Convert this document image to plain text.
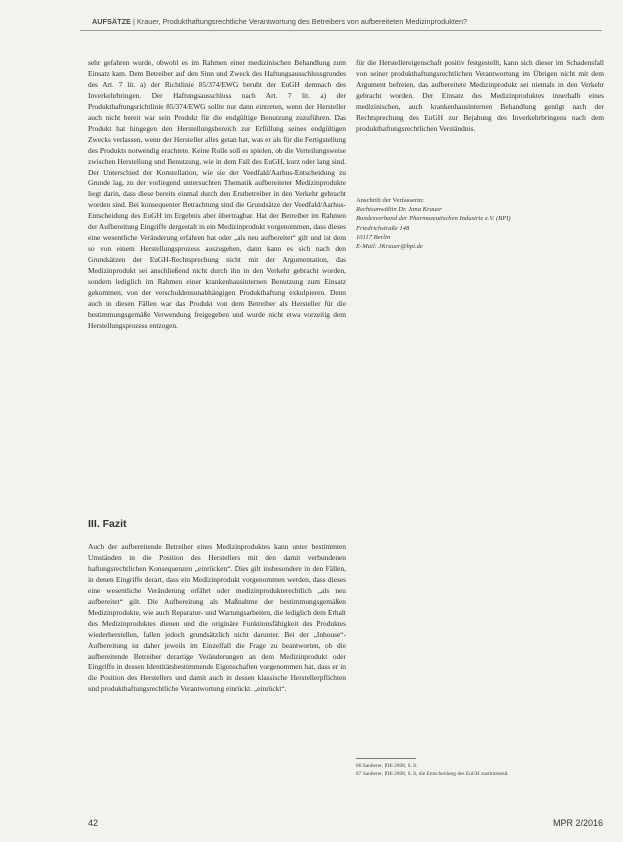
AUFSÄTZE | Krauer, Produkthaftungsrechtliche Verantwortung des Betreibers von aufbereiteten Medizinprodukten?

sehr gefahren wurde, obwohl es im Rahmen einer medizinischen Behandlung zum Einsatz kam. Dem Betreiber auf den Sinn und Zweck des Haftungsausschlussgrundes des Art. 7 lit. a) der Richtlinie 85/374/EWG beruht der EuGH demnach des Inverkehrbringen. Der Haftungsausschluss nach Art. 7 lit. a) der Produkthaftungsrichtlinie 85/374/EWG sollte nur dann eintreten, wenn der Hersteller auch nicht bereit war sein Produkt für die endgültige Benutzung zuzuführen. Das Produkt hat hingegen den Herstellungsbereich zur Erfüllung seines endgültigen Zwecks verlassen, wenn der Hersteller alles getan hat, was er als für die Fertigstellung des Produkts notwendig erachtete. Keine Rolle soll es spielen, ob die Verteilungsweise zwischen Herstellung und Benutzung, wie in dem Fall des EuGH, kurz oder lang sind. Der Unterschied der Konstellation, wie sie der Veedfald/Aarhus-Entscheidung zu Grunde lag, zu der vorliegend untersuchten Thematik aufbereiteter Medizinprodukte liegt darin, dass diese bereits einmal durch den Erstbetreiber in den Verkehr gebracht worden sind. Bei konsequenter Betrachtung sind die Grundsätze der Veedfald/Aarhus-Entscheidung des EuGH im Ergebnis aber übertragbar. Hat der Betreiber im Rahmen der Aufbereitung Eingriffe dergestalt in ein Medizinprodukt vorgenommen, dass dieses eine wesentliche Veränderung erfahren hat oder „als neu aufbereitet“ gilt und ist dem so von einem Herstellungsprozess auszugehen, dann kann es sich nach den Grundsätzen der EuGH-Rechtsprechung nicht mit der Argumentation, das Medizinprodukt sei anschließend nicht durch ihn in den Verkehr gebracht worden, sondern lediglich im Rahmen einer krankenhausinternen Benutzung zum Einsatz gekommen, von der verschuldensunabhängigen Produkthaftung exkulpieren. Denn auch in diesen Fällen war das Produkt von dem Betreiber als Hersteller für die bestimmungsgemäße Verwendung freigegeben und wurde nicht etwa vorzeitig dem Herstellungsprozess entzogen.

III. Fazit

Auch der aufbereitende Betreiber eines Medizinproduktes kann unter bestimmten Umständen in die Position des Herstellers mit den damit verbundenen haftungsrechtlichen Konsequenzen „einrücken“. Dies gilt insbesondere in den Fällen, in denen Eingriffe derart, dass ein Medizinprodukt vorgenommen werden, dass dieses eine wesentliche Veränderung erfährt oder medizinprodukterechtlich „als neu aufbereitet“ gilt. Die Aufbereitung als Maßnahme der bestimmungsgemäßen Medizinprodukte, wie auch Reparatur- und Wartungsarbeiten, die lediglich dem Erhalt des Medizinproduktes dienen und die originäre Funktionsfähigkeit des Produktes wiederherstellen, fallen jedoch grundsätzlich nicht darunter. Bei der „Inhouse“-Aufbereitung ist daher jeweils im Einzelfall die Frage zu beantworten, ob die aufbereitende Betreiber derartige Veränderungen an dem Medizinprodukt oder Eingriffe in dessen Identitätsbestimmende Eigenschaften vorgenommen hat, dass er in die Position des Herstellers und damit auch in dessen klassische Herstellerpflichten und produkthaftungsrechtliche Verantwortung einrückt. „einrückt“.

für die Herstellereigenschaft positiv festgestellt, kann sich dieser im Schadensfall von seiner produkthaftungsrechtlichen Verantwortung im Übrigen nicht mit dem Argument befreien, das aufbereitete Medizinprodukt sei niemals in den Verkehr gebracht worden. Der Einsatz des Medizinproduktes innerhalb eines medizinischen, auch krankenhausinternen Behandlung genügt nach der Rechtsprechung des EuGH zur Bejahung des Inverkehrbringens nach dem produkthaftungsrechtlichen Verständnis.

Anschrift der Verfasserin:
Rechtsanwältin Dr. Jana Krauer
Bundesverband der Pharmazeutischen Industrie e.V. (BPI)
Friedrichstraße 148
10117 Berlin
E-Mail: JKrauer@bpi.de
86 Sauberer, PHi 2008, S. 8.
87 Sauberer, PHi 2008, S. 8, die Entscheidung des EuGH zustimmend.
42	MPR 2/2016
